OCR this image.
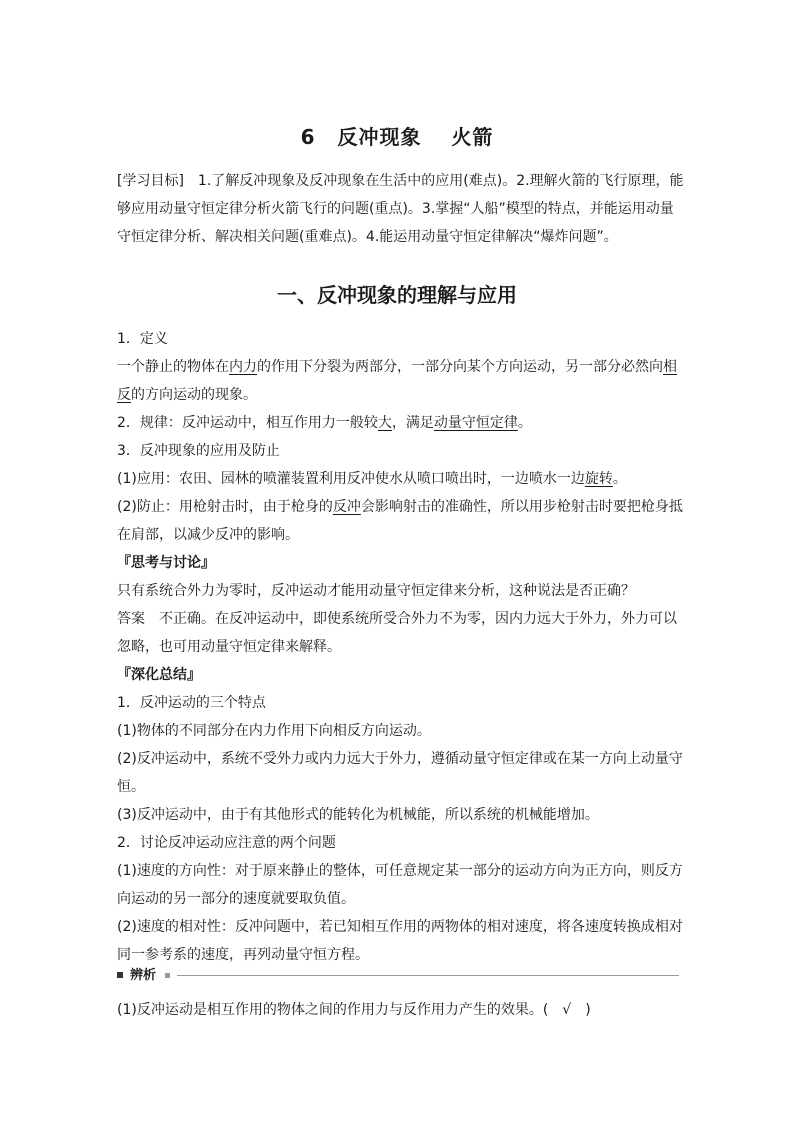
6 反冲现象 火箭
[学习目标]　1.了解反冲现象及反冲现象在生活中的应用(难点)。2.理解火箭的飞行原理，能
够应用动量守恒定律分析火箭飞行的问题(重点)。3.掌握“人船”模型的特点，并能运用动量
守恒定律分析、解决相关问题(重难点)。4.能运用动量守恒定律解决“爆炸问题”。
一、反冲现象的理解与应用
1．定义
一个静止的物体在内力的作用下分裂为两部分，一部分向某个方向运动，另一部分必然向相
反的方向运动的现象。
2．规律：反冲运动中，相互作用力一般较大，满足动量守恒定律。
3．反冲现象的应用及防止
(1)应用：农田、园林的喷灌装置利用反冲使水从喷口喷出时，一边喷水一边旋转。
(2)防止：用枪射击时，由于枪身的反冲会影响射击的准确性，所以用步枪射击时要把枪身抵
在肩部，以减少反冲的影响。
『思考与讨论』
只有系统合外力为零时，反冲运动才能用动量守恒定律来分析，这种说法是否正确？
答案 不正确。在反冲运动中，即使系统所受合外力不为零，因内力远大于外力，外力可以
忽略，也可用动量守恒定律来解释。
『深化总结』
1．反冲运动的三个特点
(1)物体的不同部分在内力作用下向相反方向运动。
(2)反冲运动中，系统不受外力或内力远大于外力，遵循动量守恒定律或在某一方向上动量守
恒。
(3)反冲运动中，由于有其他形式的能转化为机械能，所以系统的机械能增加。
2．讨论反冲运动应注意的两个问题
(1)速度的方向性：对于原来静止的整体，可任意规定某一部分的运动方向为正方向，则反方
向运动的另一部分的速度就要取负值。
(2)速度的相对性：反冲问题中，若已知相互作用的两物体的相对速度，将各速度转换成相对
同一参考系的速度，再列动量守恒方程。
辨析
(1)反冲运动是相互作用的物体之间的作用力与反作用力产生的效果。(　√　)
